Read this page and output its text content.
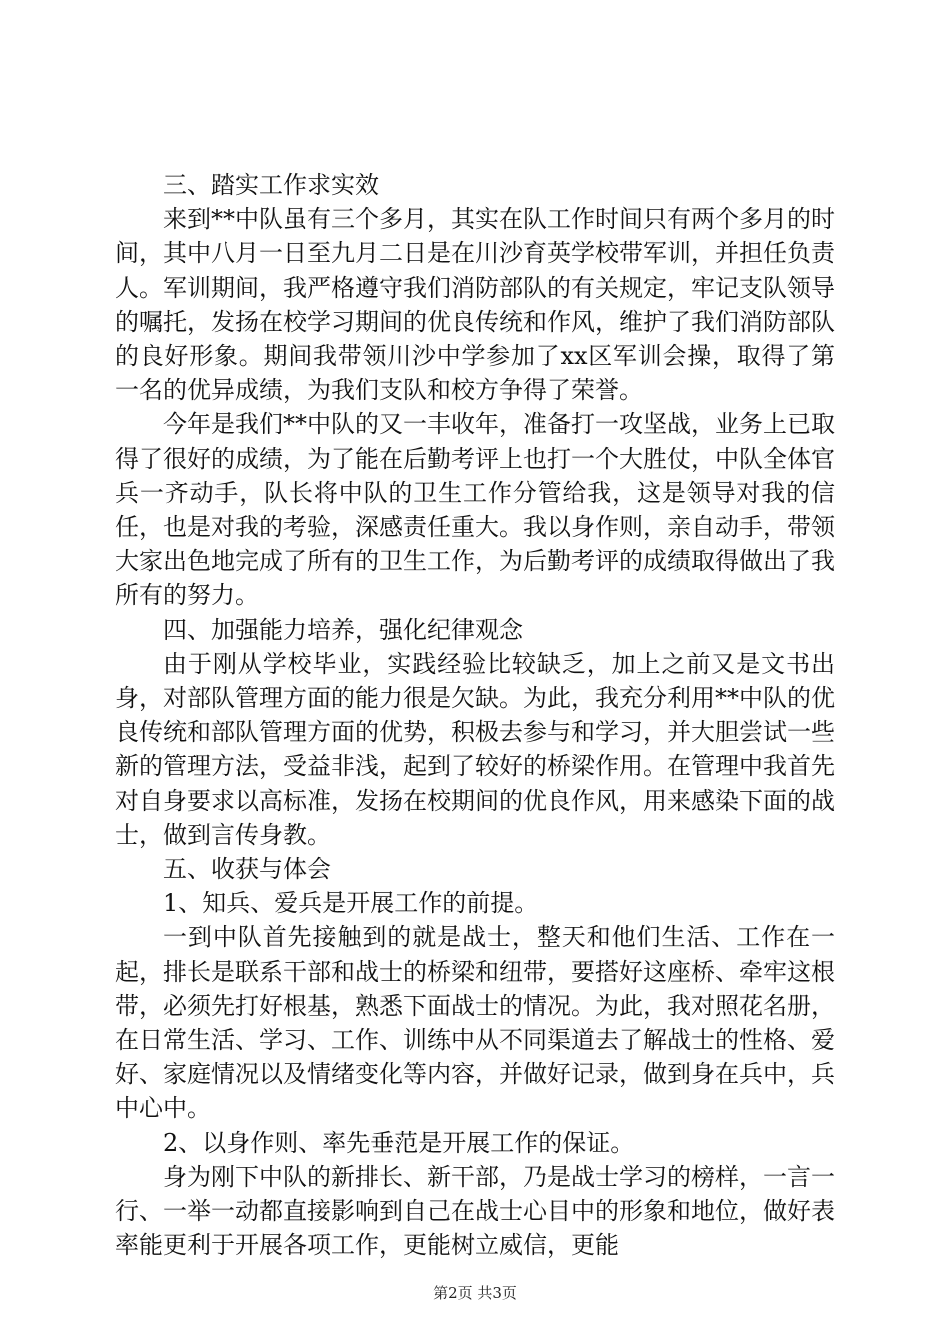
三、踏实工作求实效

来到**中队虽有三个多月，其实在队工作时间只有两个多月的时间，其中八月一日至九月二日是在川沙育英学校带军训，并担任负责人。军训期间，我严格遵守我们消防部队的有关规定，牢记支队领导的嘱托，发扬在校学习期间的优良传统和作风，维护了我们消防部队的良好形象。期间我带领川沙中学参加了xx区军训会操，取得了第一名的优异成绩，为我们支队和校方争得了荣誉。

今年是我们**中队的又一丰收年，准备打一攻坚战，业务上已取得了很好的成绩，为了能在后勤考评上也打一个大胜仗，中队全体官兵一齐动手，队长将中队的卫生工作分管给我，这是领导对我的信任，也是对我的考验，深感责任重大。我以身作则，亲自动手，带领大家出色地完成了所有的卫生工作，为后勤考评的成绩取得做出了我所有的努力。

四、加强能力培养，强化纪律观念

由于刚从学校毕业，实践经验比较缺乏，加上之前又是文书出身，对部队管理方面的能力很是欠缺。为此，我充分利用**中队的优良传统和部队管理方面的优势，积极去参与和学习，并大胆尝试一些新的管理方法，受益非浅，起到了较好的桥梁作用。在管理中我首先对自身要求以高标准，发扬在校期间的优良作风，用来感染下面的战士，做到言传身教。

五、收获与体会

1、知兵、爱兵是开展工作的前提。

一到中队首先接触到的就是战士，整天和他们生活、工作在一起，排长是联系干部和战士的桥梁和纽带，要搭好这座桥、牵牢这根带，必须先打好根基，熟悉下面战士的情况。为此，我对照花名册，在日常生活、学习、工作、训练中从不同渠道去了解战士的性格、爱好、家庭情况以及情绪变化等内容，并做好记录，做到身在兵中，兵中心中。

2、以身作则、率先垂范是开展工作的保证。

身为刚下中队的新排长、新干部，乃是战士学习的榜样，一言一行、一举一动都直接影响到自己在战士心目中的形象和地位，做好表率能更利于开展各项工作，更能树立威信，更能

第2页 共3页
